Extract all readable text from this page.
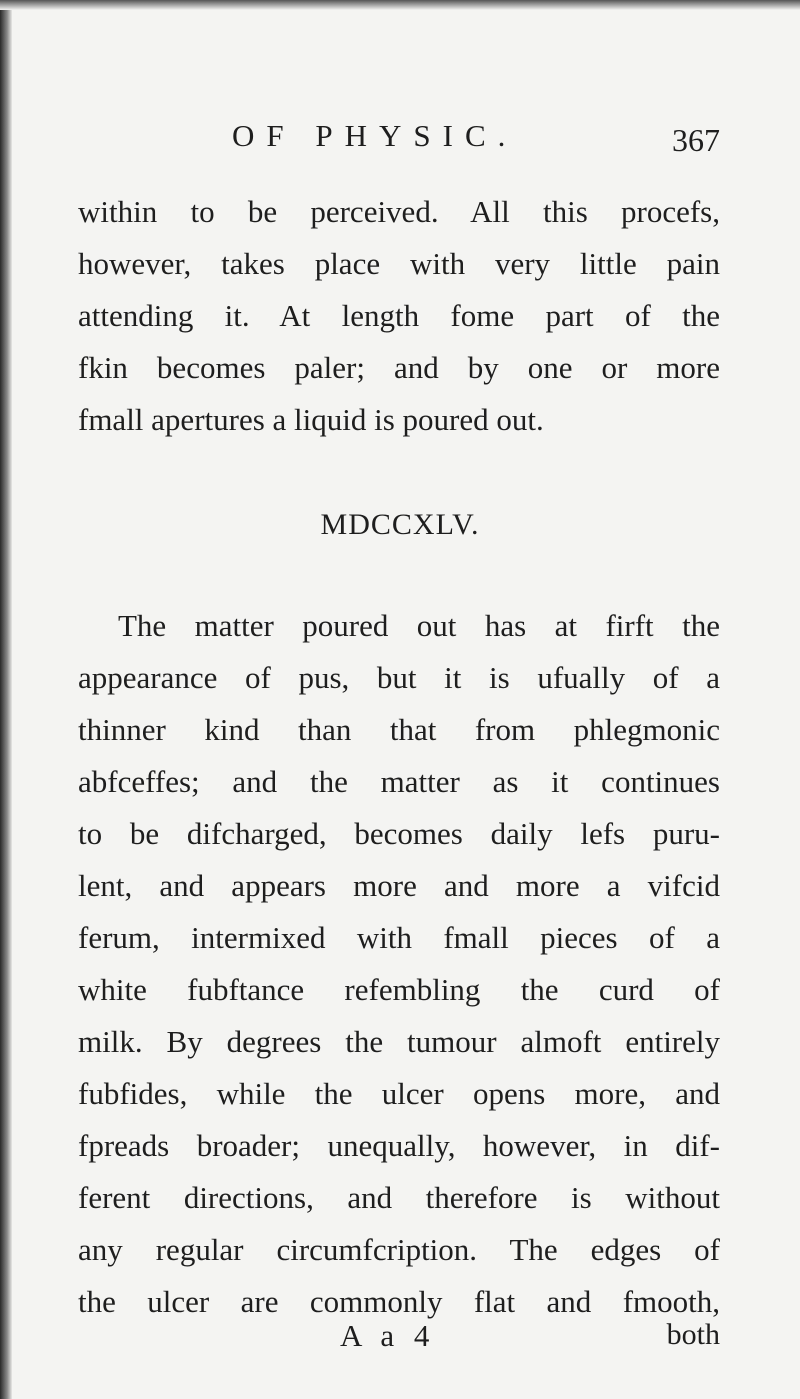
OF PHYSIC.	367
within to be perceived. All this procefs,
however, takes place with very little pain
attending it. At length fome part of the
fkin becomes paler; and by one or more
fmall apertures a liquid is poured out.
MDCCXLV.
The matter poured out has at firft the
appearance of pus, but it is ufually of a
thinner kind than that from phlegmonic
abfceffes; and the matter as it continues
to be difcharged, becomes daily lefs puru-
lent, and appears more and more a vifcid
ferum, intermixed with fmall pieces of a
white fubftance refembling the curd of
milk. By degrees the tumour almoft entirely
fubfides, while the ulcer opens more, and
fpreads broader; unequally, however, in dif-
ferent directions, and therefore is without
any regular circumfcription. The edges of
the ulcer are commonly flat and fmooth,
A a 4	both
